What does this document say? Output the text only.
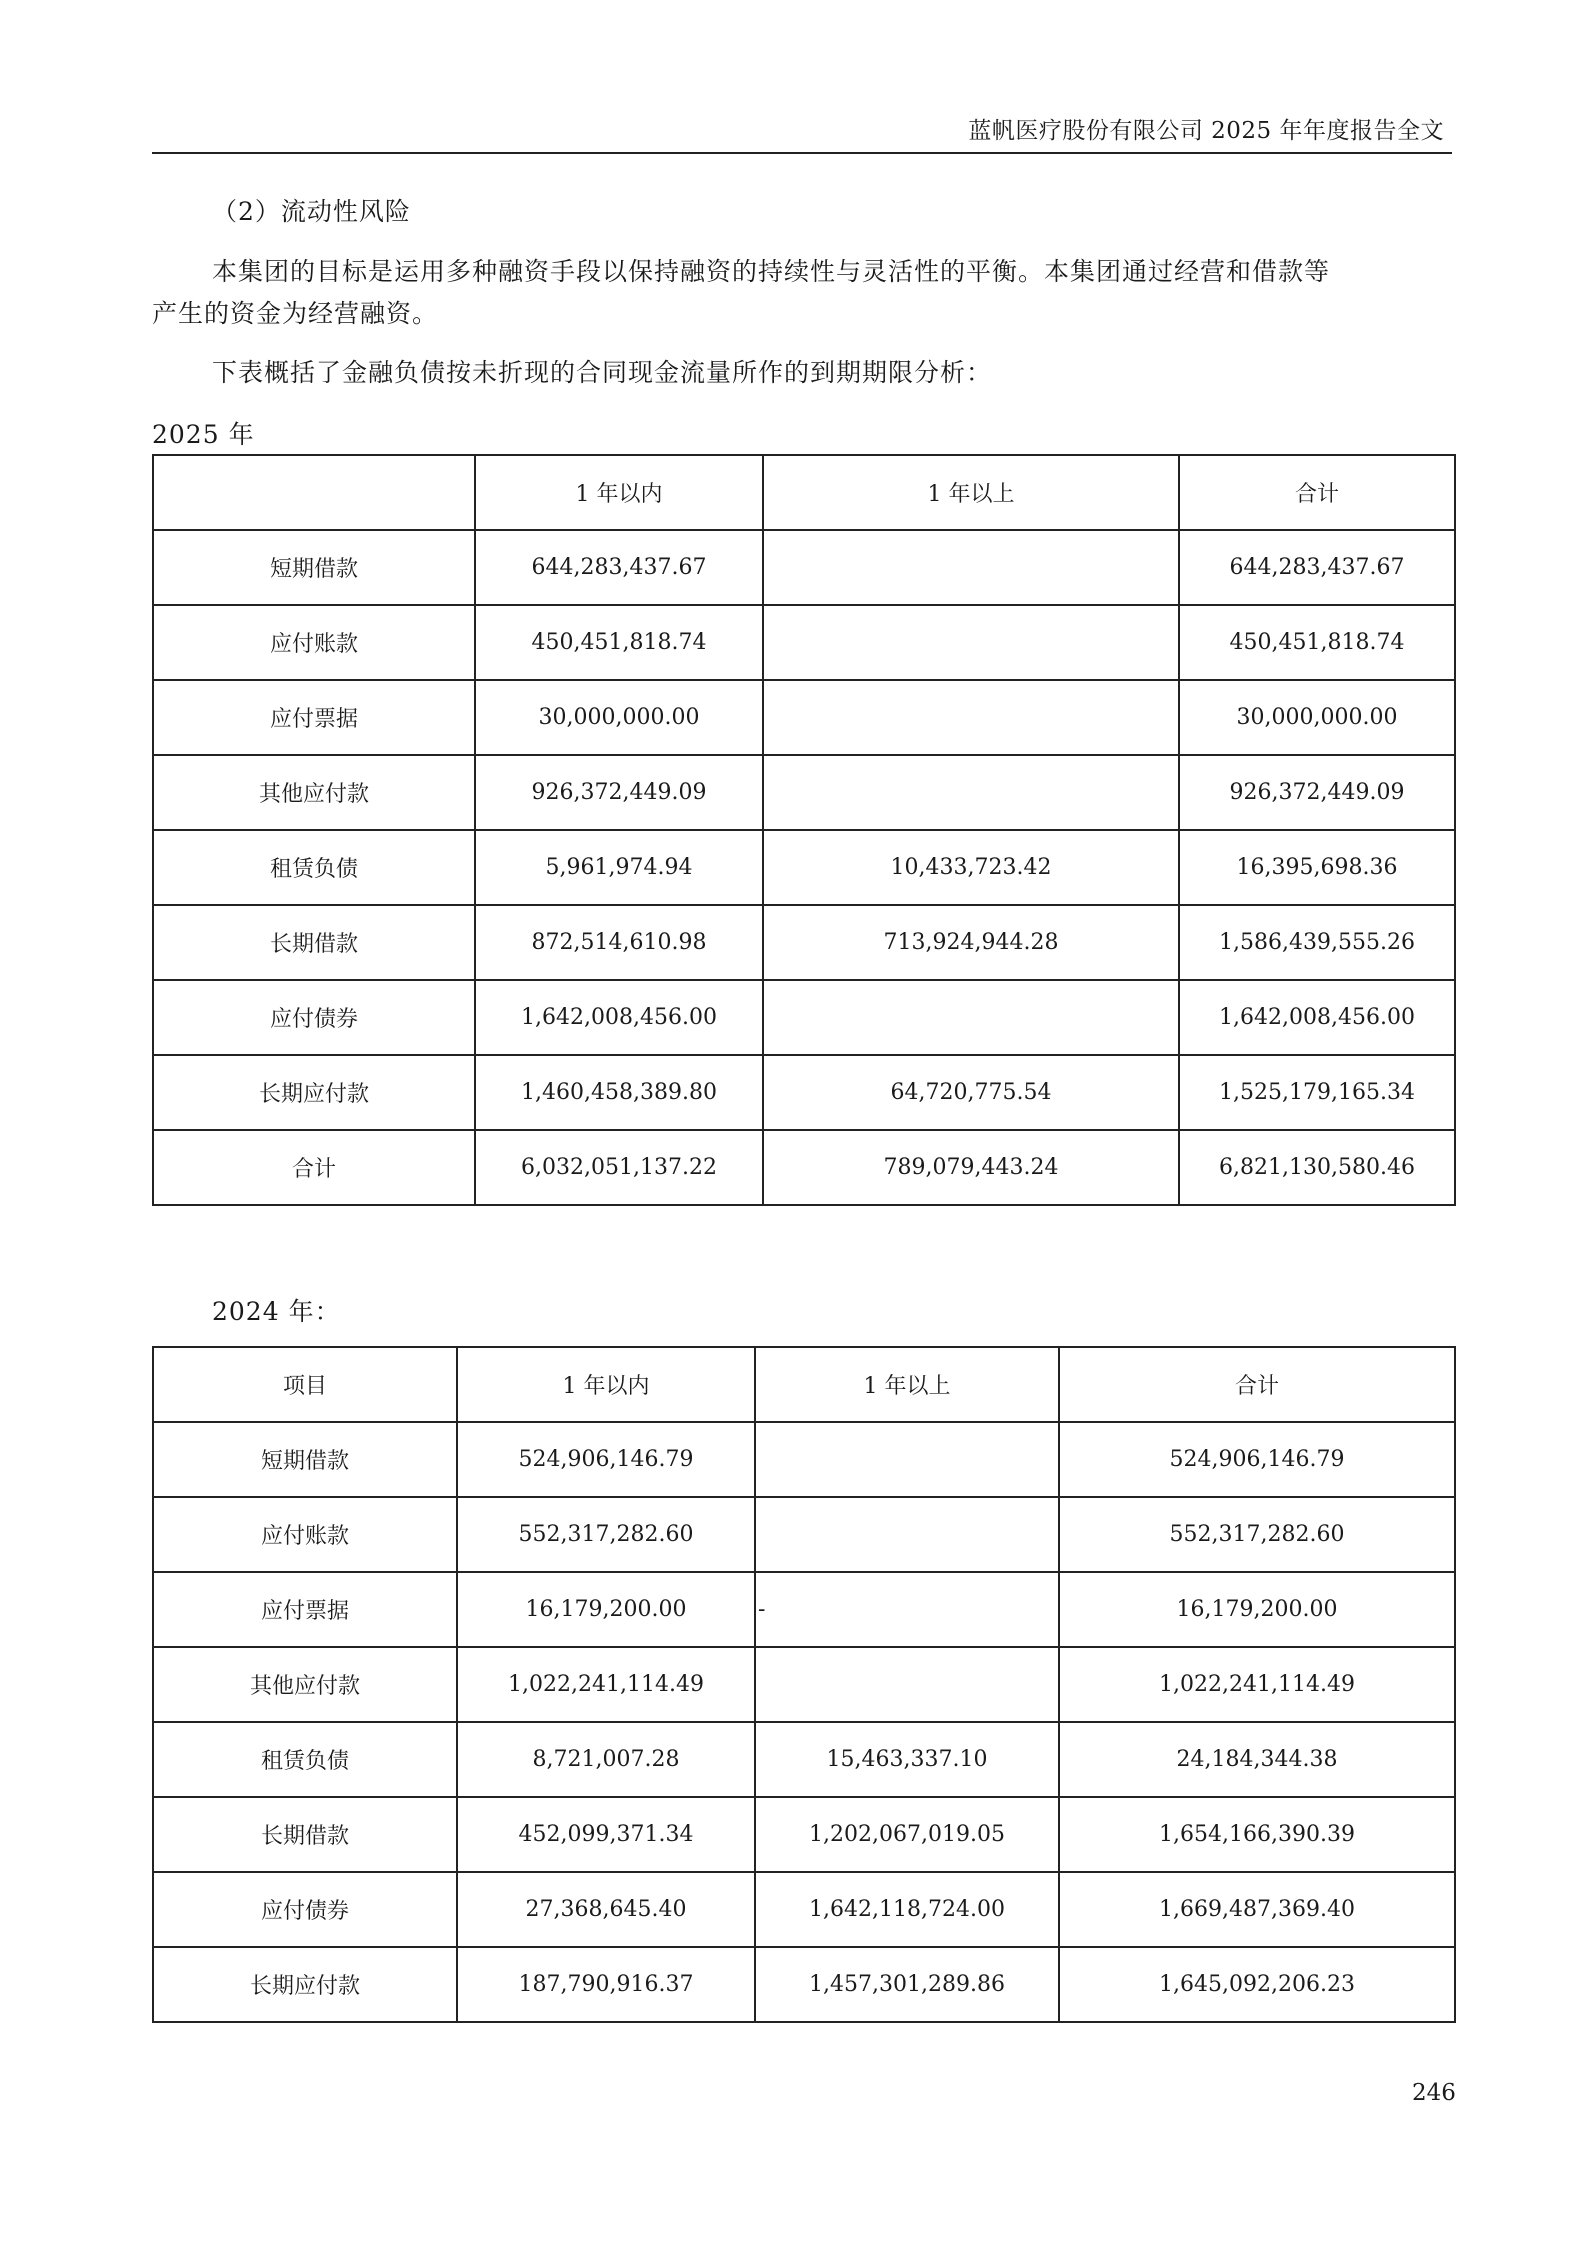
蓝帆医疗股份有限公司 2025 年年度报告全文
（2）流动性风险
本集团的目标是运用多种融资手段以保持融资的持续性与灵活性的平衡。本集团通过经营和借款等
产生的资金为经营融资。
下表概括了金融负债按未折现的合同现金流量所作的到期期限分析：
2025 年
	1 年以内	1 年以上	合计
短期借款	644,283,437.67		644,283,437.67
应付账款	450,451,818.74		450,451,818.74
应付票据	30,000,000.00		30,000,000.00
其他应付款	926,372,449.09		926,372,449.09
租赁负债	5,961,974.94	10,433,723.42	16,395,698.36
长期借款	872,514,610.98	713,924,944.28	1,586,439,555.26
应付债券	1,642,008,456.00		1,642,008,456.00
长期应付款	1,460,458,389.80	64,720,775.54	1,525,179,165.34
合计	6,032,051,137.22	789,079,443.24	6,821,130,580.46
2024 年：
项目	1 年以内	1 年以上	合计
短期借款	524,906,146.79		524,906,146.79
应付账款	552,317,282.60		552,317,282.60
应付票据	16,179,200.00	-	16,179,200.00
其他应付款	1,022,241,114.49		1,022,241,114.49
租赁负债	8,721,007.28	15,463,337.10	24,184,344.38
长期借款	452,099,371.34	1,202,067,019.05	1,654,166,390.39
应付债券	27,368,645.40	1,642,118,724.00	1,669,487,369.40
长期应付款	187,790,916.37	1,457,301,289.86	1,645,092,206.23
246
